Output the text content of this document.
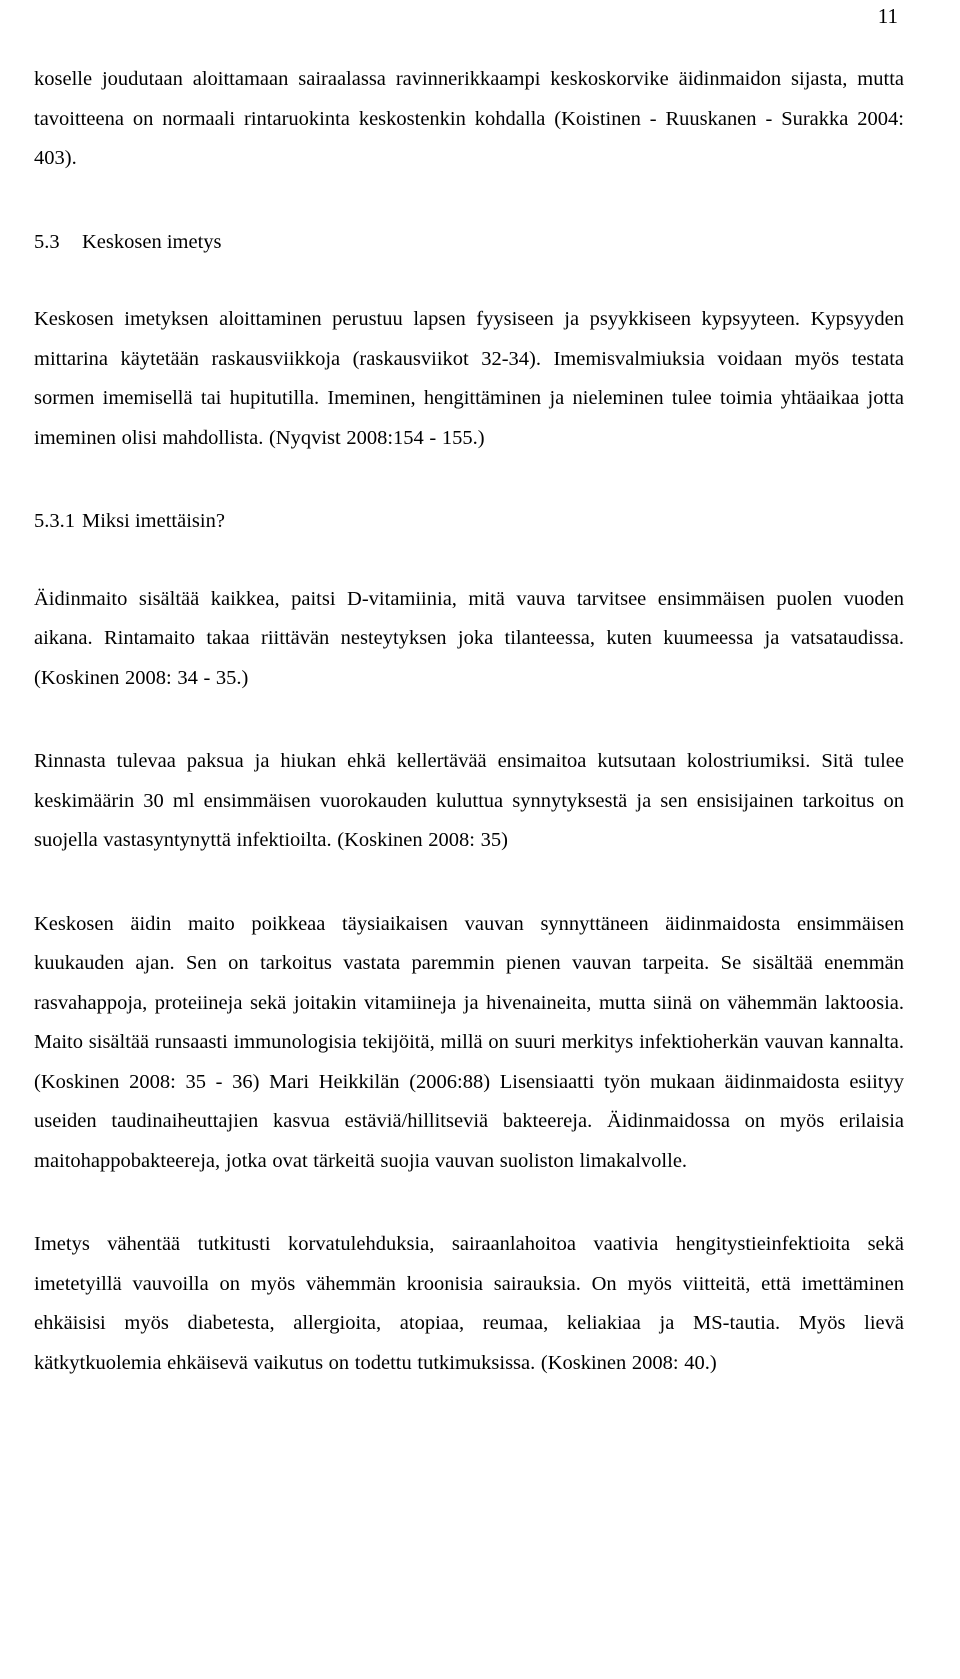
11

koselle joudutaan aloittamaan sairaalassa ravinnerikkaampi keskoskorvike äidinmaidon sijasta, mutta tavoitteena on normaali rintaruokinta keskostenkin kohdalla (Koistinen - Ruuskanen - Surakka 2004: 403).

5.3	Keskosen imetys

Keskosen imetyksen aloittaminen perustuu lapsen fyysiseen ja psyykkiseen kypsyyteen. Kypsyyden mittarina käytetään raskausviikkoja (raskausviikot 32-34). Imemisvalmiuksia voidaan myös testata sormen imemisellä tai hupitutilla. Imeminen, hengittäminen ja nieleminen tulee toimia yhtäaikaa jotta imeminen olisi mahdollista. (Nyqvist 2008:154 - 155.)

5.3.1 Miksi imettäisin?

Äidinmaito sisältää kaikkea, paitsi D-vitamiinia, mitä vauva tarvitsee ensimmäisen puolen vuoden aikana. Rintamaito takaa riittävän nesteytyksen joka tilanteessa, kuten kuumeessa ja vatsataudissa. (Koskinen 2008: 34 - 35.)

Rinnasta tulevaa paksua ja hiukan ehkä kellertävää ensimaitoa kutsutaan kolostriumiksi. Sitä tulee keskimäärin 30 ml ensimmäisen vuorokauden kuluttua synnytyksestä ja sen ensisijainen tarkoitus on suojella vastasyntynyttä infektioilta. (Koskinen 2008: 35)

Keskosen äidin maito poikkeaa täysiaikaisen vauvan synnyttäneen äidinmaidosta ensimmäisen kuukauden ajan. Sen on tarkoitus vastata paremmin pienen vauvan tarpeita. Se sisältää enemmän rasvahappoja, proteiineja sekä joitakin vitamiineja ja hivenaineita, mutta siinä on vähemmän laktoosia. Maito sisältää runsaasti immunologisia tekijöitä, millä on suuri merkitys infektioherkän vauvan kannalta. (Koskinen 2008: 35 - 36) Mari Heikkilän (2006:88) Lisensiaatti työn mukaan äidinmaidosta esiityy useiden taudinaiheuttajien kasvua estäviä/hillitseviä bakteereja. Äidinmaidossa on myös erilaisia maitohappobakteereja, jotka ovat tärkeitä suojia vauvan suoliston limakalvolle.

Imetys vähentää tutkitusti korvatulehduksia, sairaanlahoitoa vaativia hengitystieinfektioita sekä imetetyillä vauvoilla on myös vähemmän kroonisia sairauksia. On myös viitteitä, että imettäminen ehkäisisi myös diabetesta, allergioita, atopiaa, reumaa, keliakiaa ja MS-tautia. Myös lievä kätkytkuolemia ehkäisevä vaikutus on todettu tutkimuksissa. (Koskinen 2008: 40.)
